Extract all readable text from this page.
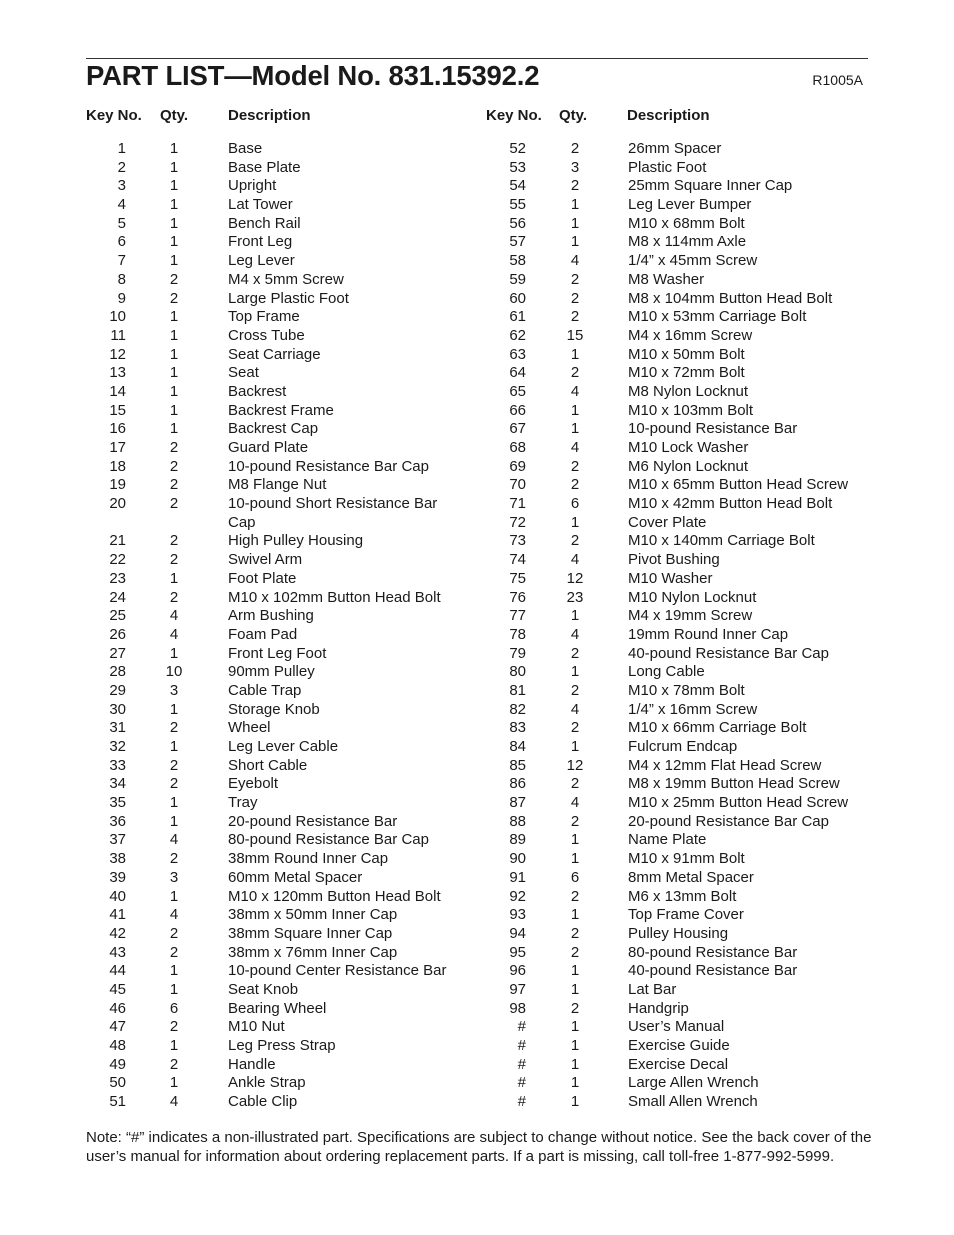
PART LIST—Model No. 831.15392.2	R1005A
Key No. Qty.	Description
1	1	Base
2	1	Base Plate
3	1	Upright
4	1	Lat Tower
5	1	Bench Rail
6	1	Front Leg
7	1	Leg Lever
8	2	M4 x 5mm Screw
9	2	Large Plastic Foot
10	1	Top Frame
11	1	Cross Tube
12	1	Seat Carriage
13	1	Seat
14	1	Backrest
15	1	Backrest Frame
16	1	Backrest Cap
17	2	Guard Plate
18	2	10-pound Resistance Bar Cap
19	2	M8 Flange Nut
20	2	10-pound Short Resistance Bar Cap
21	2	High Pulley Housing
22	2	Swivel Arm
23	1	Foot Plate
24	2	M10 x 102mm Button Head Bolt
25	4	Arm Bushing
26	4	Foam Pad
27	1	Front Leg Foot
28	10	90mm Pulley
29	3	Cable Trap
30	1	Storage Knob
31	2	Wheel
32	1	Leg Lever Cable
33	2	Short Cable
34	2	Eyebolt
35	1	Tray
36	1	20-pound Resistance Bar
37	4	80-pound Resistance Bar Cap
38	2	38mm Round Inner Cap
39	3	60mm Metal Spacer
40	1	M10 x 120mm Button Head Bolt
41	4	38mm x 50mm Inner Cap
42	2	38mm Square Inner Cap
43	2	38mm x 76mm Inner Cap
44	1	10-pound Center Resistance Bar
45	1	Seat Knob
46	6	Bearing Wheel
47	2	M10 Nut
48	1	Leg Press Strap
49	2	Handle
50	1	Ankle Strap
51	4	Cable Clip
Key No. Qty.	Description
52	2	26mm Spacer
53	3	Plastic Foot
54	2	25mm Square Inner Cap
55	1	Leg Lever Bumper
56	1	M10 x 68mm Bolt
57	1	M8 x 114mm Axle
58	4	1/4” x 45mm Screw
59	2	M8 Washer
60	2	M8 x 104mm Button Head Bolt
61	2	M10 x 53mm Carriage Bolt
62	15	M4 x 16mm Screw
63	1	M10 x 50mm Bolt
64	2	M10 x 72mm Bolt
65	4	M8 Nylon Locknut
66	1	M10 x 103mm Bolt
67	1	10-pound Resistance Bar
68	4	M10 Lock Washer
69	2	M6 Nylon Locknut
70	2	M10 x 65mm Button Head Screw
71	6	M10 x 42mm Button Head Bolt
72	1	Cover Plate
73	2	M10 x 140mm Carriage Bolt
74	4	Pivot Bushing
75	12	M10 Washer
76	23	M10 Nylon Locknut
77	1	M4 x 19mm Screw
78	4	19mm Round Inner Cap
79	2	40-pound Resistance Bar Cap
80	1	Long Cable
81	2	M10 x 78mm Bolt
82	4	1/4” x 16mm Screw
83	2	M10 x 66mm Carriage Bolt
84	1	Fulcrum Endcap
85	12	M4 x 12mm Flat Head Screw
86	2	M8 x 19mm Button Head Screw
87	4	M10 x 25mm Button Head Screw
88	2	20-pound Resistance Bar Cap
89	1	Name Plate
90	1	M10 x 91mm Bolt
91	6	8mm Metal Spacer
92	2	M6 x 13mm Bolt
93	1	Top Frame Cover
94	2	Pulley Housing
95	2	80-pound Resistance Bar
96	1	40-pound Resistance Bar
97	1	Lat Bar
98	2	Handgrip
#	1	User’s Manual
#	1	Exercise Guide
#	1	Exercise Decal
#	1	Large Allen Wrench
#	1	Small Allen Wrench
Note: “#” indicates a non-illustrated part. Specifications are subject to change without notice. See the back cover of the user’s manual for information about ordering replacement parts. If a part is missing, call toll-free 1-877-992-5999.
